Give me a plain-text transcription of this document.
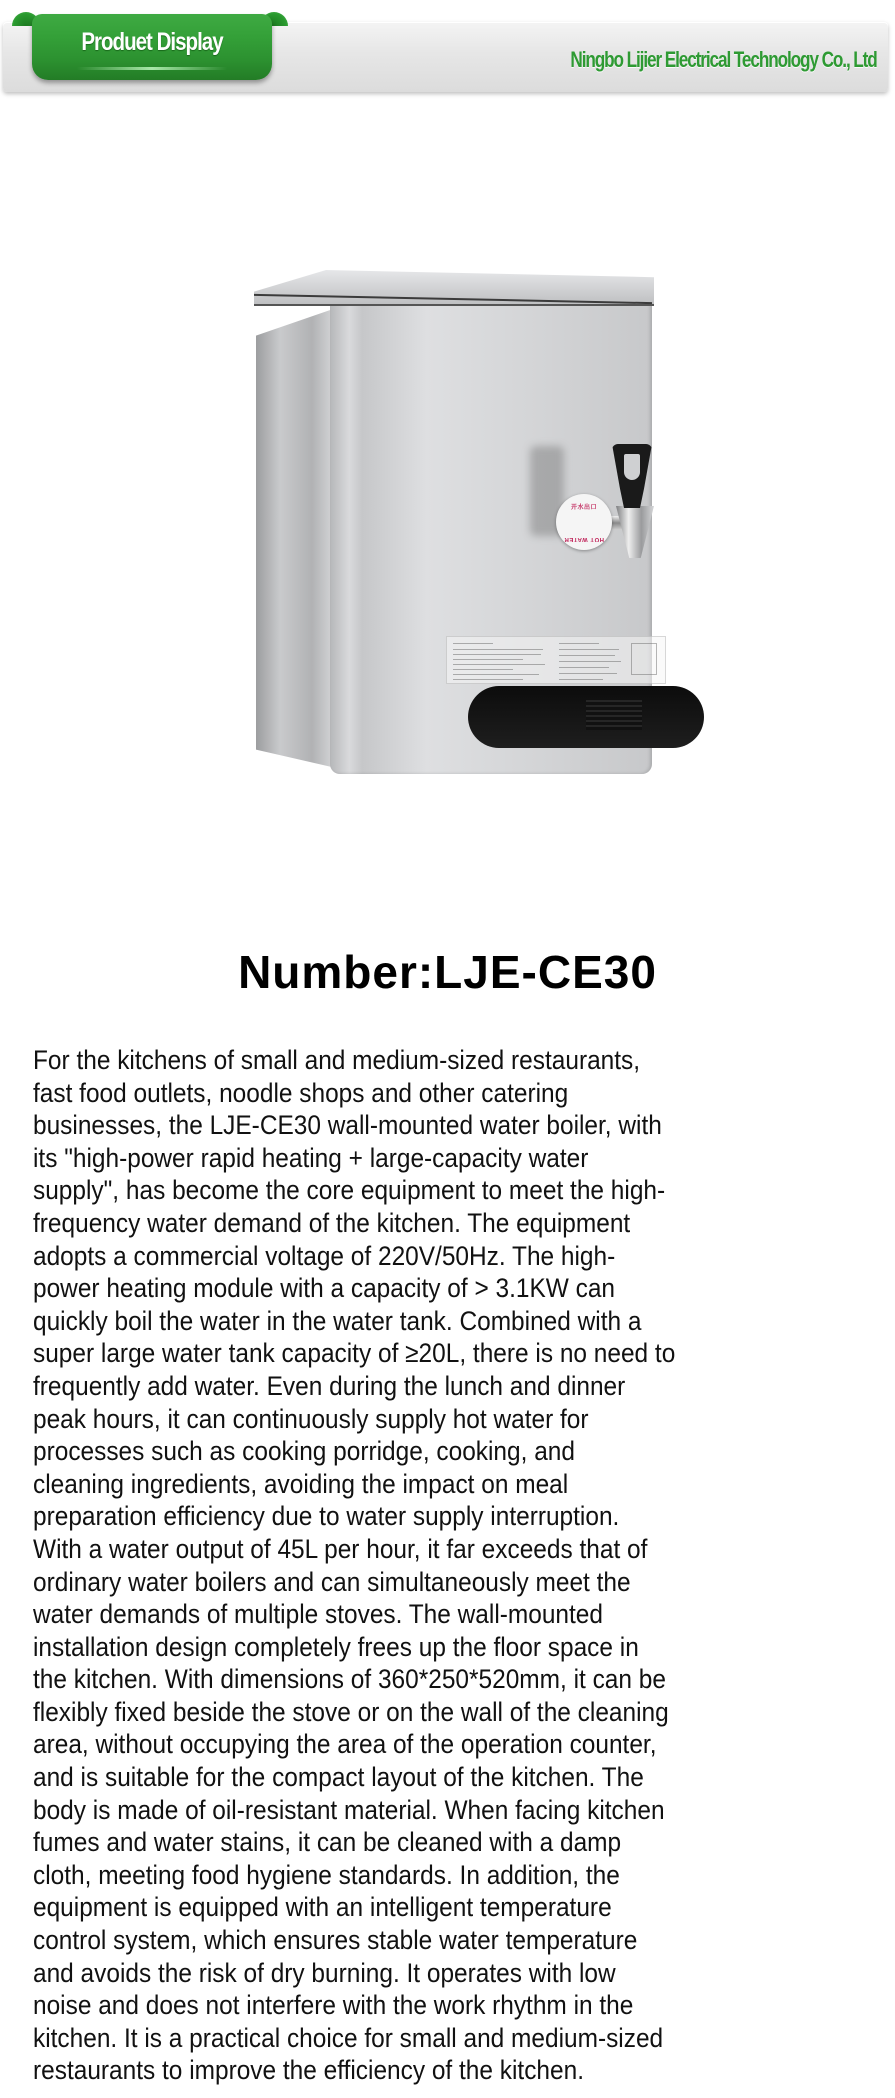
Produet Display
Ningbo Lijier Electrical Technology Co., Ltd
开水出口
HOT WATER
Number:LJE-CE30
For the kitchens of small and medium-sized restaurants,
fast food outlets, noodle shops and other catering
businesses, the LJE-CE30 wall-mounted water boiler, with
its "high-power rapid heating + large-capacity water
supply", has become the core equipment to meet the high-
frequency water demand of the kitchen. The equipment
adopts a commercial voltage of 220V/50Hz. The high-
power heating module with a capacity of > 3.1KW can
quickly boil the water in the water tank. Combined with a
super large water tank capacity of ≥20L, there is no need to
frequently add water. Even during the lunch and dinner
peak hours, it can continuously supply hot water for
processes such as cooking porridge, cooking, and
cleaning ingredients, avoiding the impact on meal
preparation efficiency due to water supply interruption.
With a water output of 45L per hour, it far exceeds that of
ordinary water boilers and can simultaneously meet the
water demands of multiple stoves. The wall-mounted
installation design completely frees up the floor space in
the kitchen. With dimensions of 360*250*520mm, it can be
flexibly fixed beside the stove or on the wall of the cleaning
area, without occupying the area of the operation counter,
and is suitable for the compact layout of the kitchen. The
body is made of oil-resistant material. When facing kitchen
fumes and water stains, it can be cleaned with a damp
cloth, meeting food hygiene standards. In addition, the
equipment is equipped with an intelligent temperature
control system, which ensures stable water temperature
and avoids the risk of dry burning. It operates with low
noise and does not interfere with the work rhythm in the
kitchen. It is a practical choice for small and medium-sized
restaurants to improve the efficiency of the kitchen.
